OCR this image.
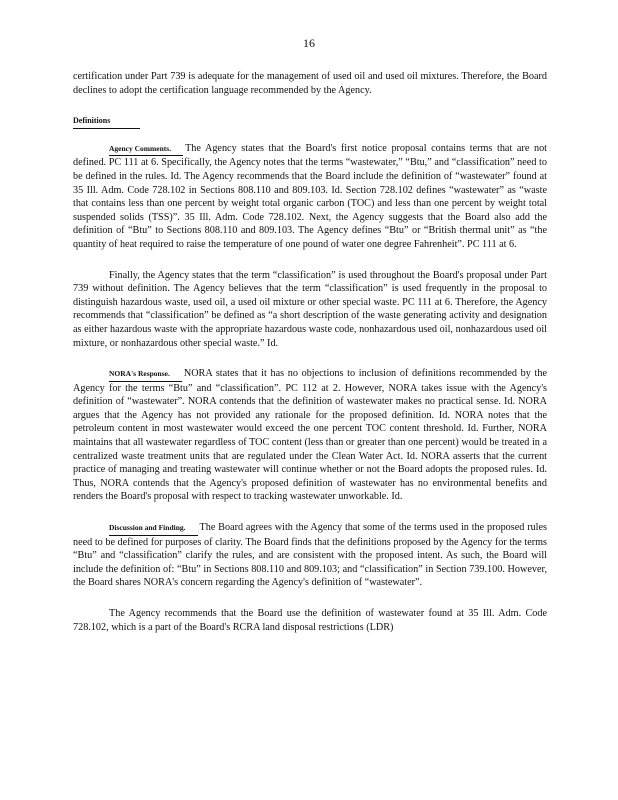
16

certification under Part 739 is adequate for the management of used oil and used oil mixtures. Therefore, the Board declines to adopt the certification language recommended by the Agency.

Definitions

Agency Comments. The Agency states that the Board's first notice proposal contains terms that are not defined. PC 111 at 6. Specifically, the Agency notes that the terms “wastewater,” “Btu,” and “classification” need to be defined in the rules. Id. The Agency recommends that the Board include the definition of “wastewater” found at 35 Ill. Adm. Code 728.102 in Sections 808.110 and 809.103. Id. Section 728.102 defines “wastewater” as “waste that contains less than one percent by weight total organic carbon (TOC) and less than one percent by weight total suspended solids (TSS)”. 35 Ill. Adm. Code 728.102. Next, the Agency suggests that the Board also add the definition of “Btu” to Sections 808.110 and 809.103. The Agency defines “Btu” or “British thermal unit” as “the quantity of heat required to raise the temperature of one pound of water one degree Fahrenheit”. PC 111 at 6.

Finally, the Agency states that the term “classification” is used throughout the Board's proposal under Part 739 without definition. The Agency believes that the term “classification” is used frequently in the proposal to distinguish hazardous waste, used oil, a used oil mixture or other special waste. PC 111 at 6. Therefore, the Agency recommends that “classification” be defined as “a short description of the waste generating activity and designation as either hazardous waste with the appropriate hazardous waste code, nonhazardous used oil, nonhazardous used oil mixture, or nonhazardous other special waste.” Id.

NORA's Response. NORA states that it has no objections to inclusion of definitions recommended by the Agency for the terms “Btu” and “classification”. PC 112 at 2. However, NORA takes issue with the Agency's definition of “wastewater”. NORA contends that the definition of wastewater makes no practical sense. Id. NORA argues that the Agency has not provided any rationale for the proposed definition. Id. NORA notes that the petroleum content in most wastewater would exceed the one percent TOC content threshold. Id. Further, NORA maintains that all wastewater regardless of TOC content (less than or greater than one percent) would be treated in a centralized waste treatment units that are regulated under the Clean Water Act. Id. NORA asserts that the current practice of managing and treating wastewater will continue whether or not the Board adopts the proposed rules. Id. Thus, NORA contends that the Agency's proposed definition of wastewater has no environmental benefits and renders the Board's proposal with respect to tracking wastewater unworkable. Id.

Discussion and Finding. The Board agrees with the Agency that some of the terms used in the proposed rules need to be defined for purposes of clarity. The Board finds that the definitions proposed by the Agency for the terms “Btu” and “classification” clarify the rules, and are consistent with the proposed intent. As such, the Board will include the definition of: “Btu” in Sections 808.110 and 809.103; and “classification” in Section 739.100. However, the Board shares NORA's concern regarding the Agency's definition of “wastewater”.

The Agency recommends that the Board use the definition of wastewater found at 35 Ill. Adm. Code 728.102, which is a part of the Board's RCRA land disposal restrictions (LDR)
